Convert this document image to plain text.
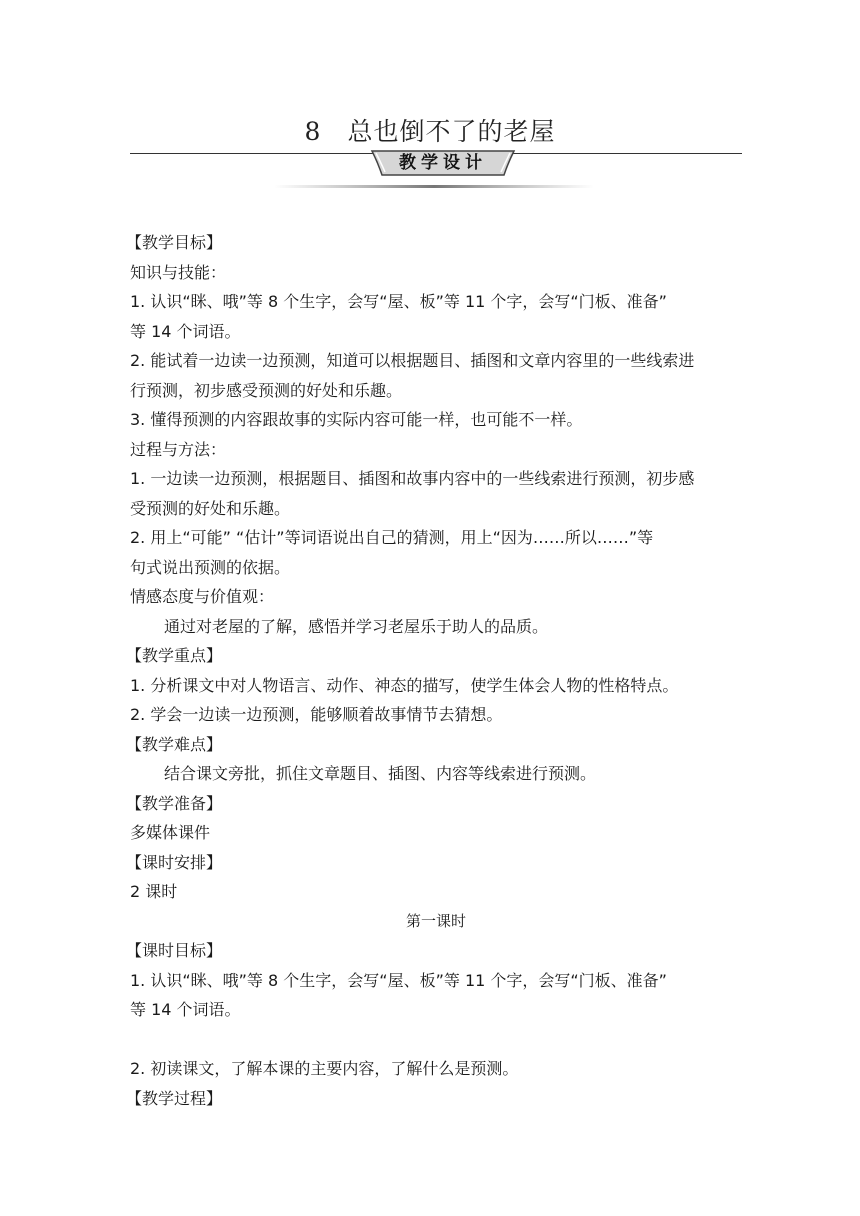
8 总也倒不了的老屋
教学设计
【教学目标】
知识与技能：
1. 认识“眯、哦”等 8 个生字，会写“屋、板”等 11 个字，会写“门板、准备”
等 14 个词语。
2. 能试着一边读一边预测，知道可以根据题目、插图和文章内容里的一些线索进
行预测，初步感受预测的好处和乐趣。
3. 懂得预测的内容跟故事的实际内容可能一样，也可能不一样。
过程与方法：
1. 一边读一边预测，根据题目、插图和故事内容中的一些线索进行预测，初步感
受预测的好处和乐趣。
2. 用上“可能” “估计”等词语说出自己的猜测，用上“因为……所以……”等
句式说出预测的依据。
情感态度与价值观：
通过对老屋的了解，感悟并学习老屋乐于助人的品质。
【教学重点】
1. 分析课文中对人物语言、动作、神态的描写，使学生体会人物的性格特点。
2. 学会一边读一边预测，能够顺着故事情节去猜想。
【教学难点】
结合课文旁批，抓住文章题目、插图、内容等线索进行预测。
【教学准备】
多媒体课件
【课时安排】
2 课时
第一课时
【课时目标】
1. 认识“眯、哦”等 8 个生字，会写“屋、板”等 11 个字，会写“门板、准备”
等 14 个词语。
2. 初读课文，了解本课的主要内容，了解什么是预测。
【教学过程】
